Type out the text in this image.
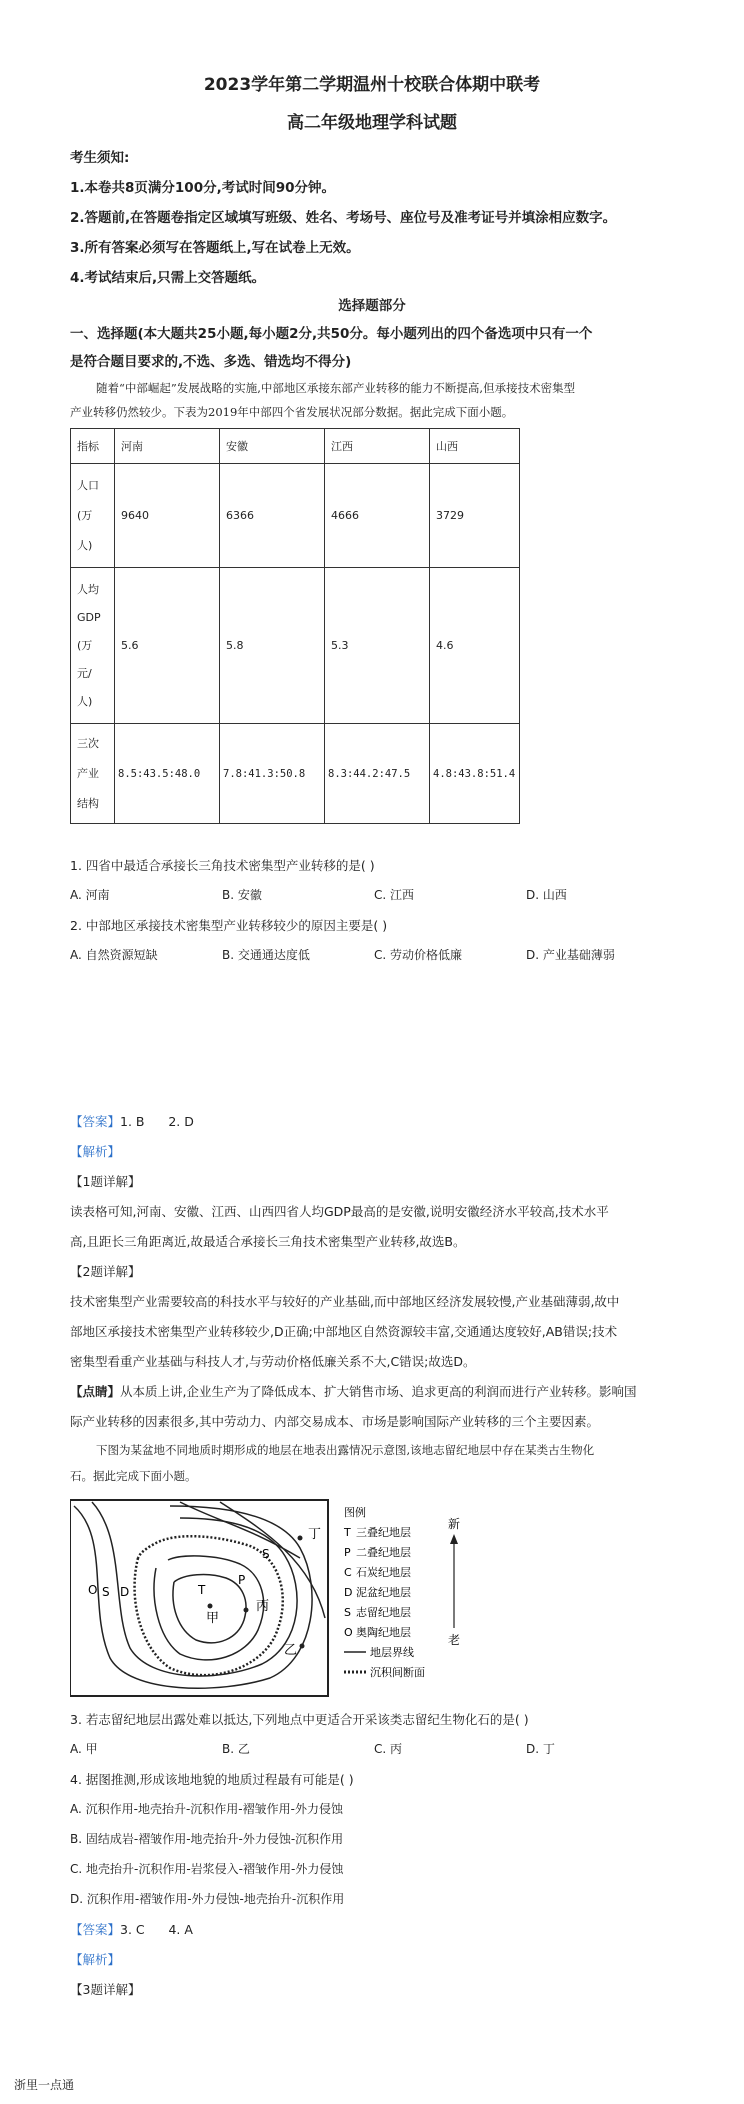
2023学年第二学期温州十校联合体期中联考
高二年级地理学科试题
考生须知:
1.本卷共8页满分100分,考试时间90分钟。
2.答题前,在答题卷指定区域填写班级、姓名、考场号、座位号及准考证号并填涂相应数字。
3.所有答案必须写在答题纸上,写在试卷上无效。
4.考试结束后,只需上交答题纸。
选择题部分
一、选择题(本大题共25小题,每小题2分,共50分。每小题列出的四个备选项中只有一个
是符合题目要求的,不选、多选、错选均不得分)
随着“中部崛起”发展战略的实施,中部地区承接东部产业转移的能力不断提高,但承接技术密集型
产业转移仍然较少。下表为2019年中部四个省发展状况部分数据。据此完成下面小题。
指标	河南	安徽	江西	山西

人口
(万
人)	9640	6366	4666	3729

人均
GDP
(万
元/
人)	5.6	5.8	5.3	4.6

三次
产业
结构	8.5:43.5:48.0	7.8:41.3:50.8	8.3:44.2:47.5	4.8:43.8:51.4
1. 四省中最适合承接长三角技术密集型产业转移的是( )
A. 河南	B. 安徽	C. 江西	D. 山西
2. 中部地区承接技术密集型产业转移较少的原因主要是( )
A. 自然资源短缺	B. 交通通达度低	C. 劳动价格低廉	D. 产业基础薄弱
【答案】1. B      2. D
【解析】
【1题详解】
读表格可知,河南、安徽、江西、山西四省人均GDP最高的是安徽,说明安徽经济水平较高,技术水平
高,且距长三角距离近,故最适合承接长三角技术密集型产业转移,故选B。
【2题详解】
技术密集型产业需要较高的科技水平与较好的产业基础,而中部地区经济发展较慢,产业基础薄弱,故中
部地区承接技术密集型产业转移较少,D正确;中部地区自然资源较丰富,交通通达度较好,AB错误;技术
密集型看重产业基础与科技人才,与劳动价格低廉关系不大,C错误;故选D。
【点睛】从本质上讲,企业生产为了降低成本、扩大销售市场、追求更高的利润而进行产业转移。影响国
际产业转移的因素很多,其中劳动力、内部交易成本、市场是影响国际产业转移的三个主要因素。
下图为某盆地不同地质时期形成的地层在地表出露情况示意图,该地志留纪地层中存在某类古生物化
石。据此完成下面小题。
O S D
S
P
T
甲
丙
乙
丁
图例
T 三叠纪地层
P 二叠纪地层
C 石炭纪地层
D 泥盆纪地层
S 志留纪地层
O 奥陶纪地层
地层界线
沉积间断面
新
老
3. 若志留纪地层出露处难以抵达,下列地点中更适合开采该类志留纪生物化石的是( )
A. 甲	B. 乙	C. 丙	D. 丁
4. 据图推测,形成该地地貌的地质过程最有可能是( )
A. 沉积作用-地壳抬升-沉积作用-褶皱作用-外力侵蚀
B. 固结成岩-褶皱作用-地壳抬升-外力侵蚀-沉积作用
C. 地壳抬升-沉积作用-岩浆侵入-褶皱作用-外力侵蚀
D. 沉积作用-褶皱作用-外力侵蚀-地壳抬升-沉积作用
【答案】3. C      4. A
【解析】
【3题详解】
浙里一点通
